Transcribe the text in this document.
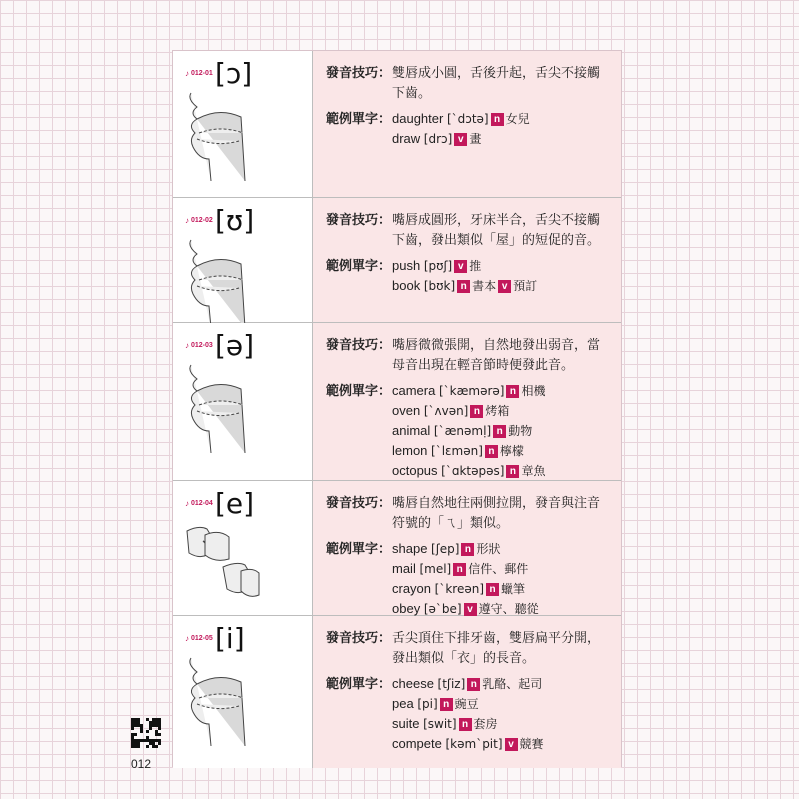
♪ 012-01 [ɔ]	發音技巧： 雙唇成小圓，舌後升起，舌尖不接觸下齒。
範例單字： daughter [ˋdɔtə] n 女兒
draw [drɔ] v 畫
♪ 012-02 [ʊ]	發音技巧： 嘴唇成圓形，牙床半合，舌尖不接觸下齒，發出類似「屋」的短促的音。
範例單字： push [pʊʃ] v 推
book [bʊk] n 書本 v 預訂
♪ 012-03 [ə]	發音技巧： 嘴唇微微張開，自然地發出弱音，當母音出現在輕音節時便發此音。
範例單字： camera [ˋkæmərə] n 相機
oven [ˋʌvən] n 烤箱
animal [ˋænəmḷ] n 動物
lemon [ˋlɛmən] n 檸檬
octopus [ˋɑktəpəs] n 章魚
♪ 012-04 [e]	發音技巧： 嘴唇自然地往兩側拉開，發音與注音符號的「ㄟ」類似。
範例單字： shape [ʃep] n 形狀
mail [mel] n 信件、郵件
crayon [ˋkreən] n 蠟筆
obey [əˋbe] v 遵守、聽從
♪ 012-05 [i]	發音技巧： 舌尖頂住下排牙齒，雙唇扁平分開，發出類似「衣」的長音。
範例單字： cheese [tʃiz] n 乳酪、起司
pea [pi] n 豌豆
suite [swit] n 套房
compete [kəmˋpit] v 競賽
012
